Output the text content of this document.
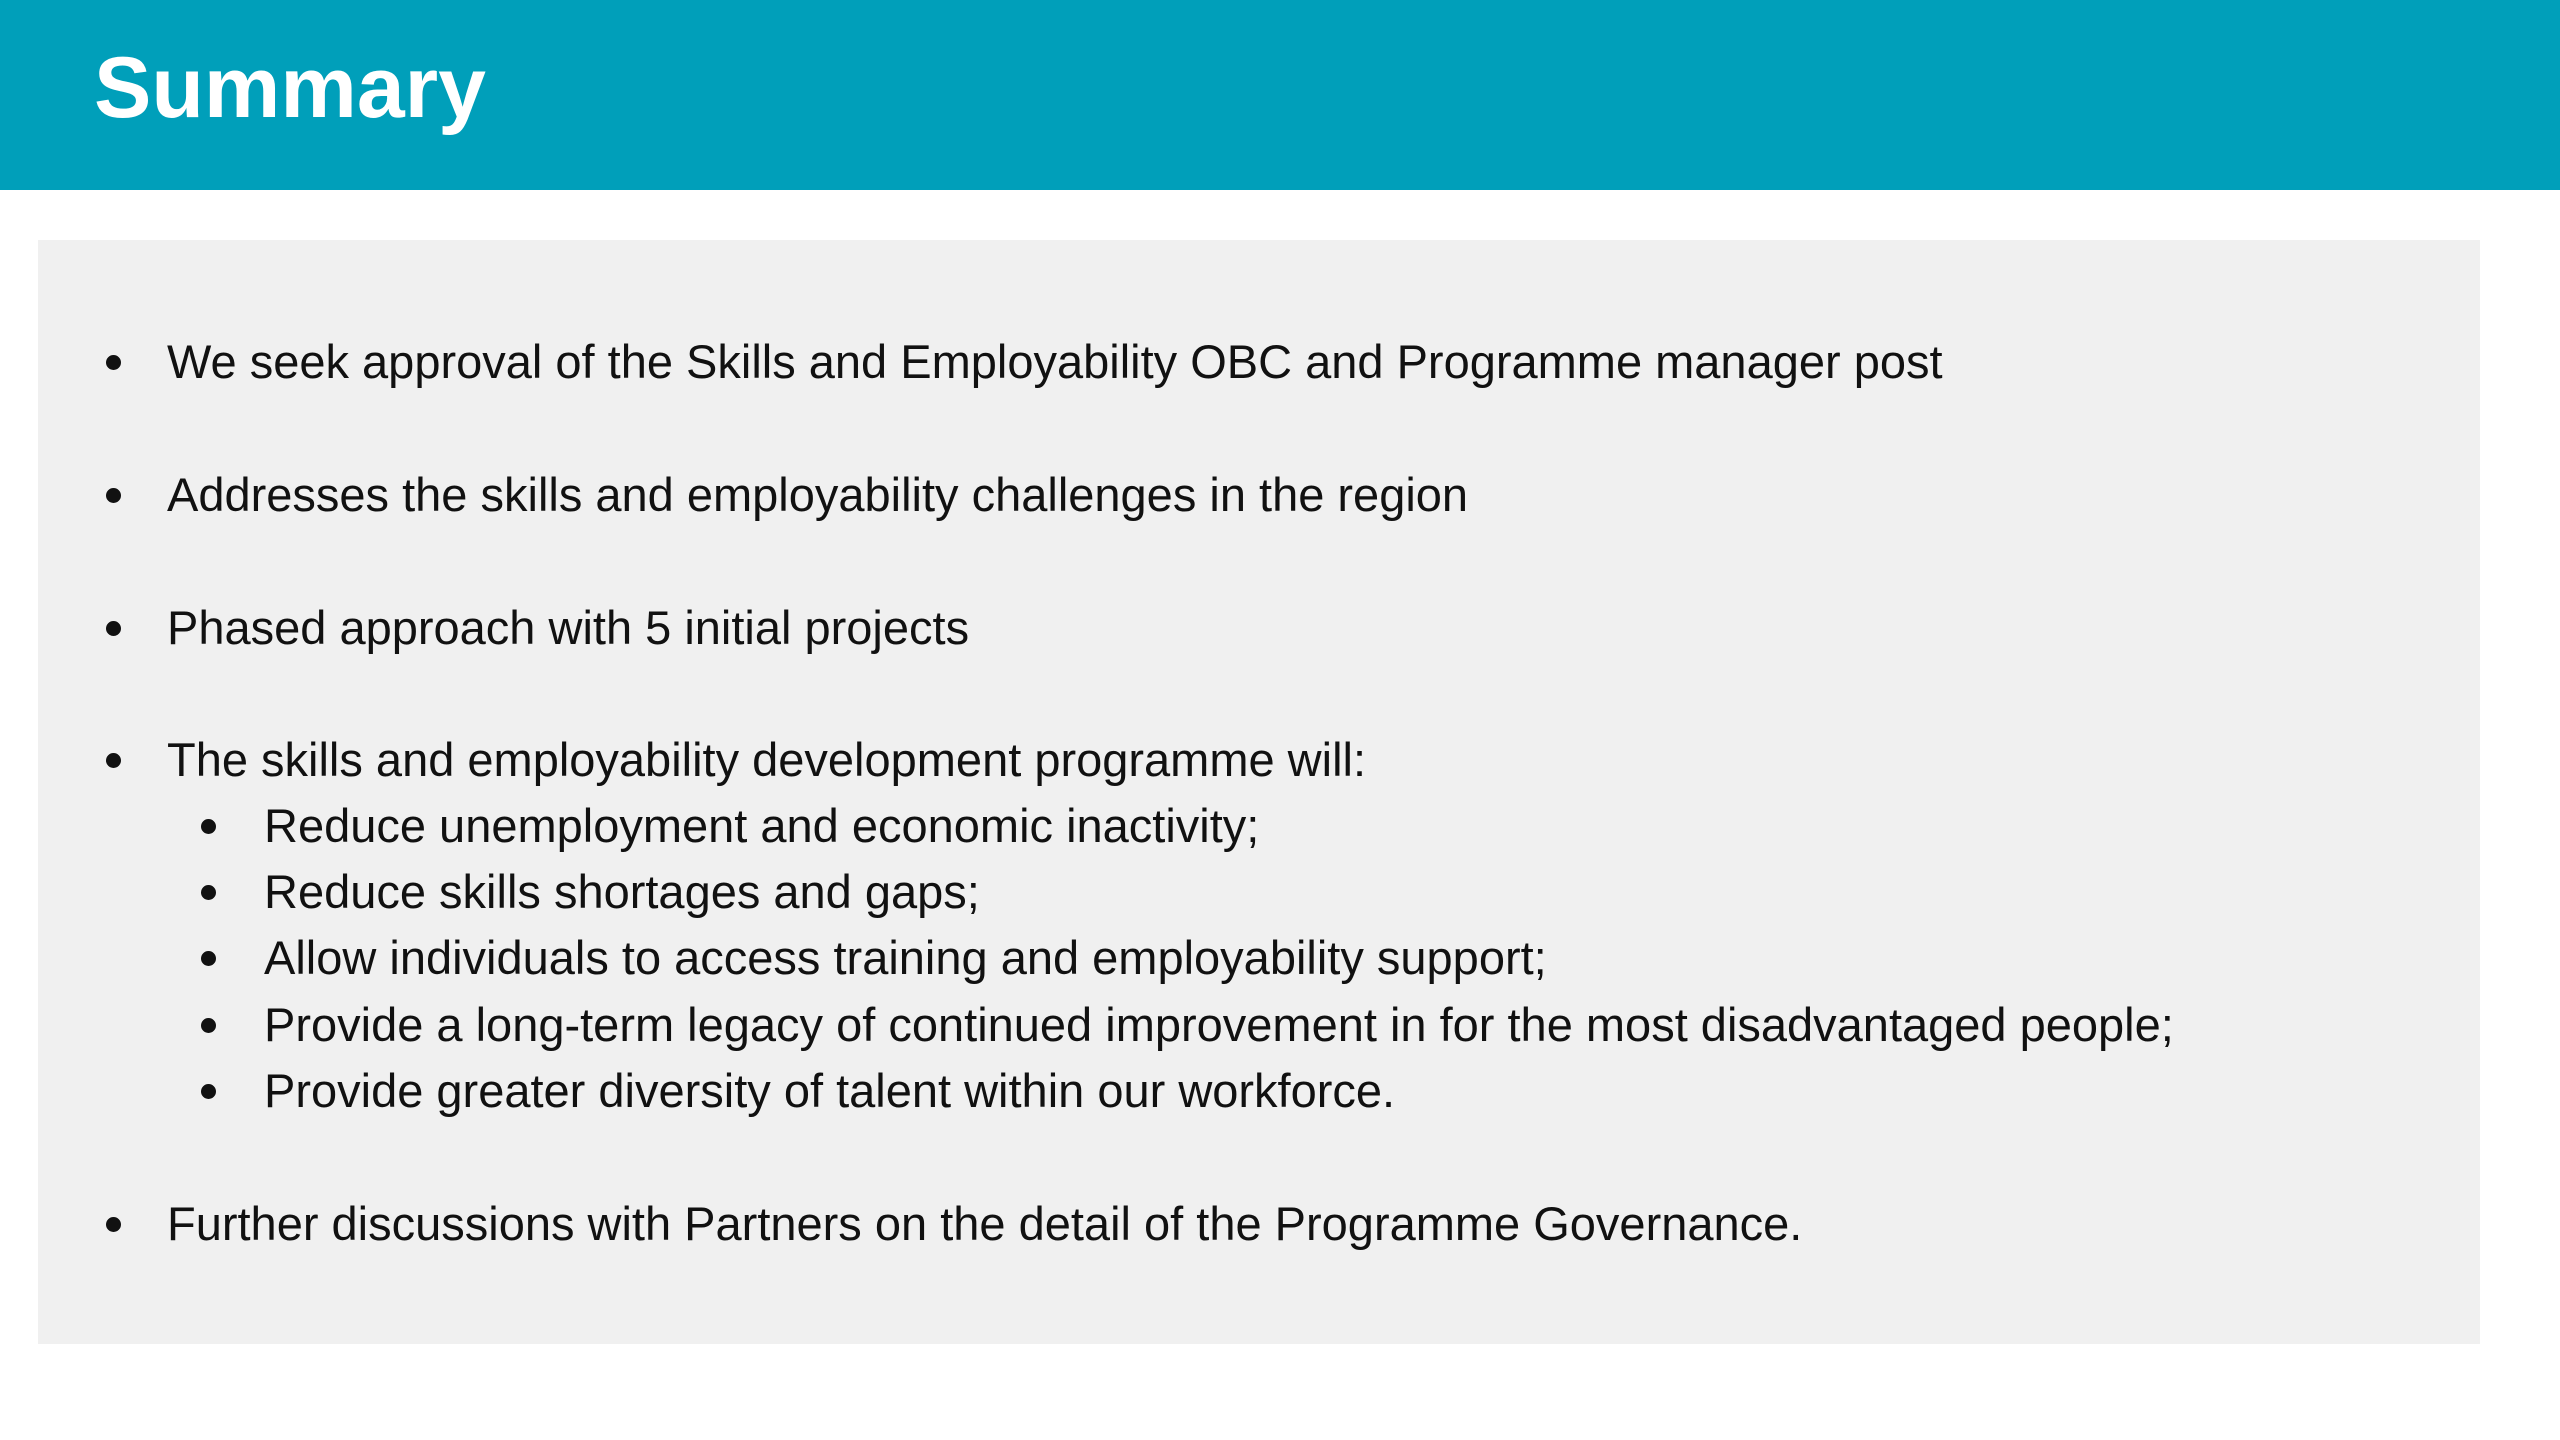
Summary
We seek approval of the Skills and Employability OBC and Programme manager post
Addresses the skills and employability challenges in the region
Phased approach with 5 initial projects
The skills and employability development programme will:
Reduce unemployment and economic inactivity;
Reduce skills shortages and gaps;
Allow individuals to access training and employability support;
Provide a long-term legacy of continued improvement in for the most disadvantaged people;
Provide greater diversity of talent within our workforce.
Further discussions with Partners on the detail of the Programme Governance.
